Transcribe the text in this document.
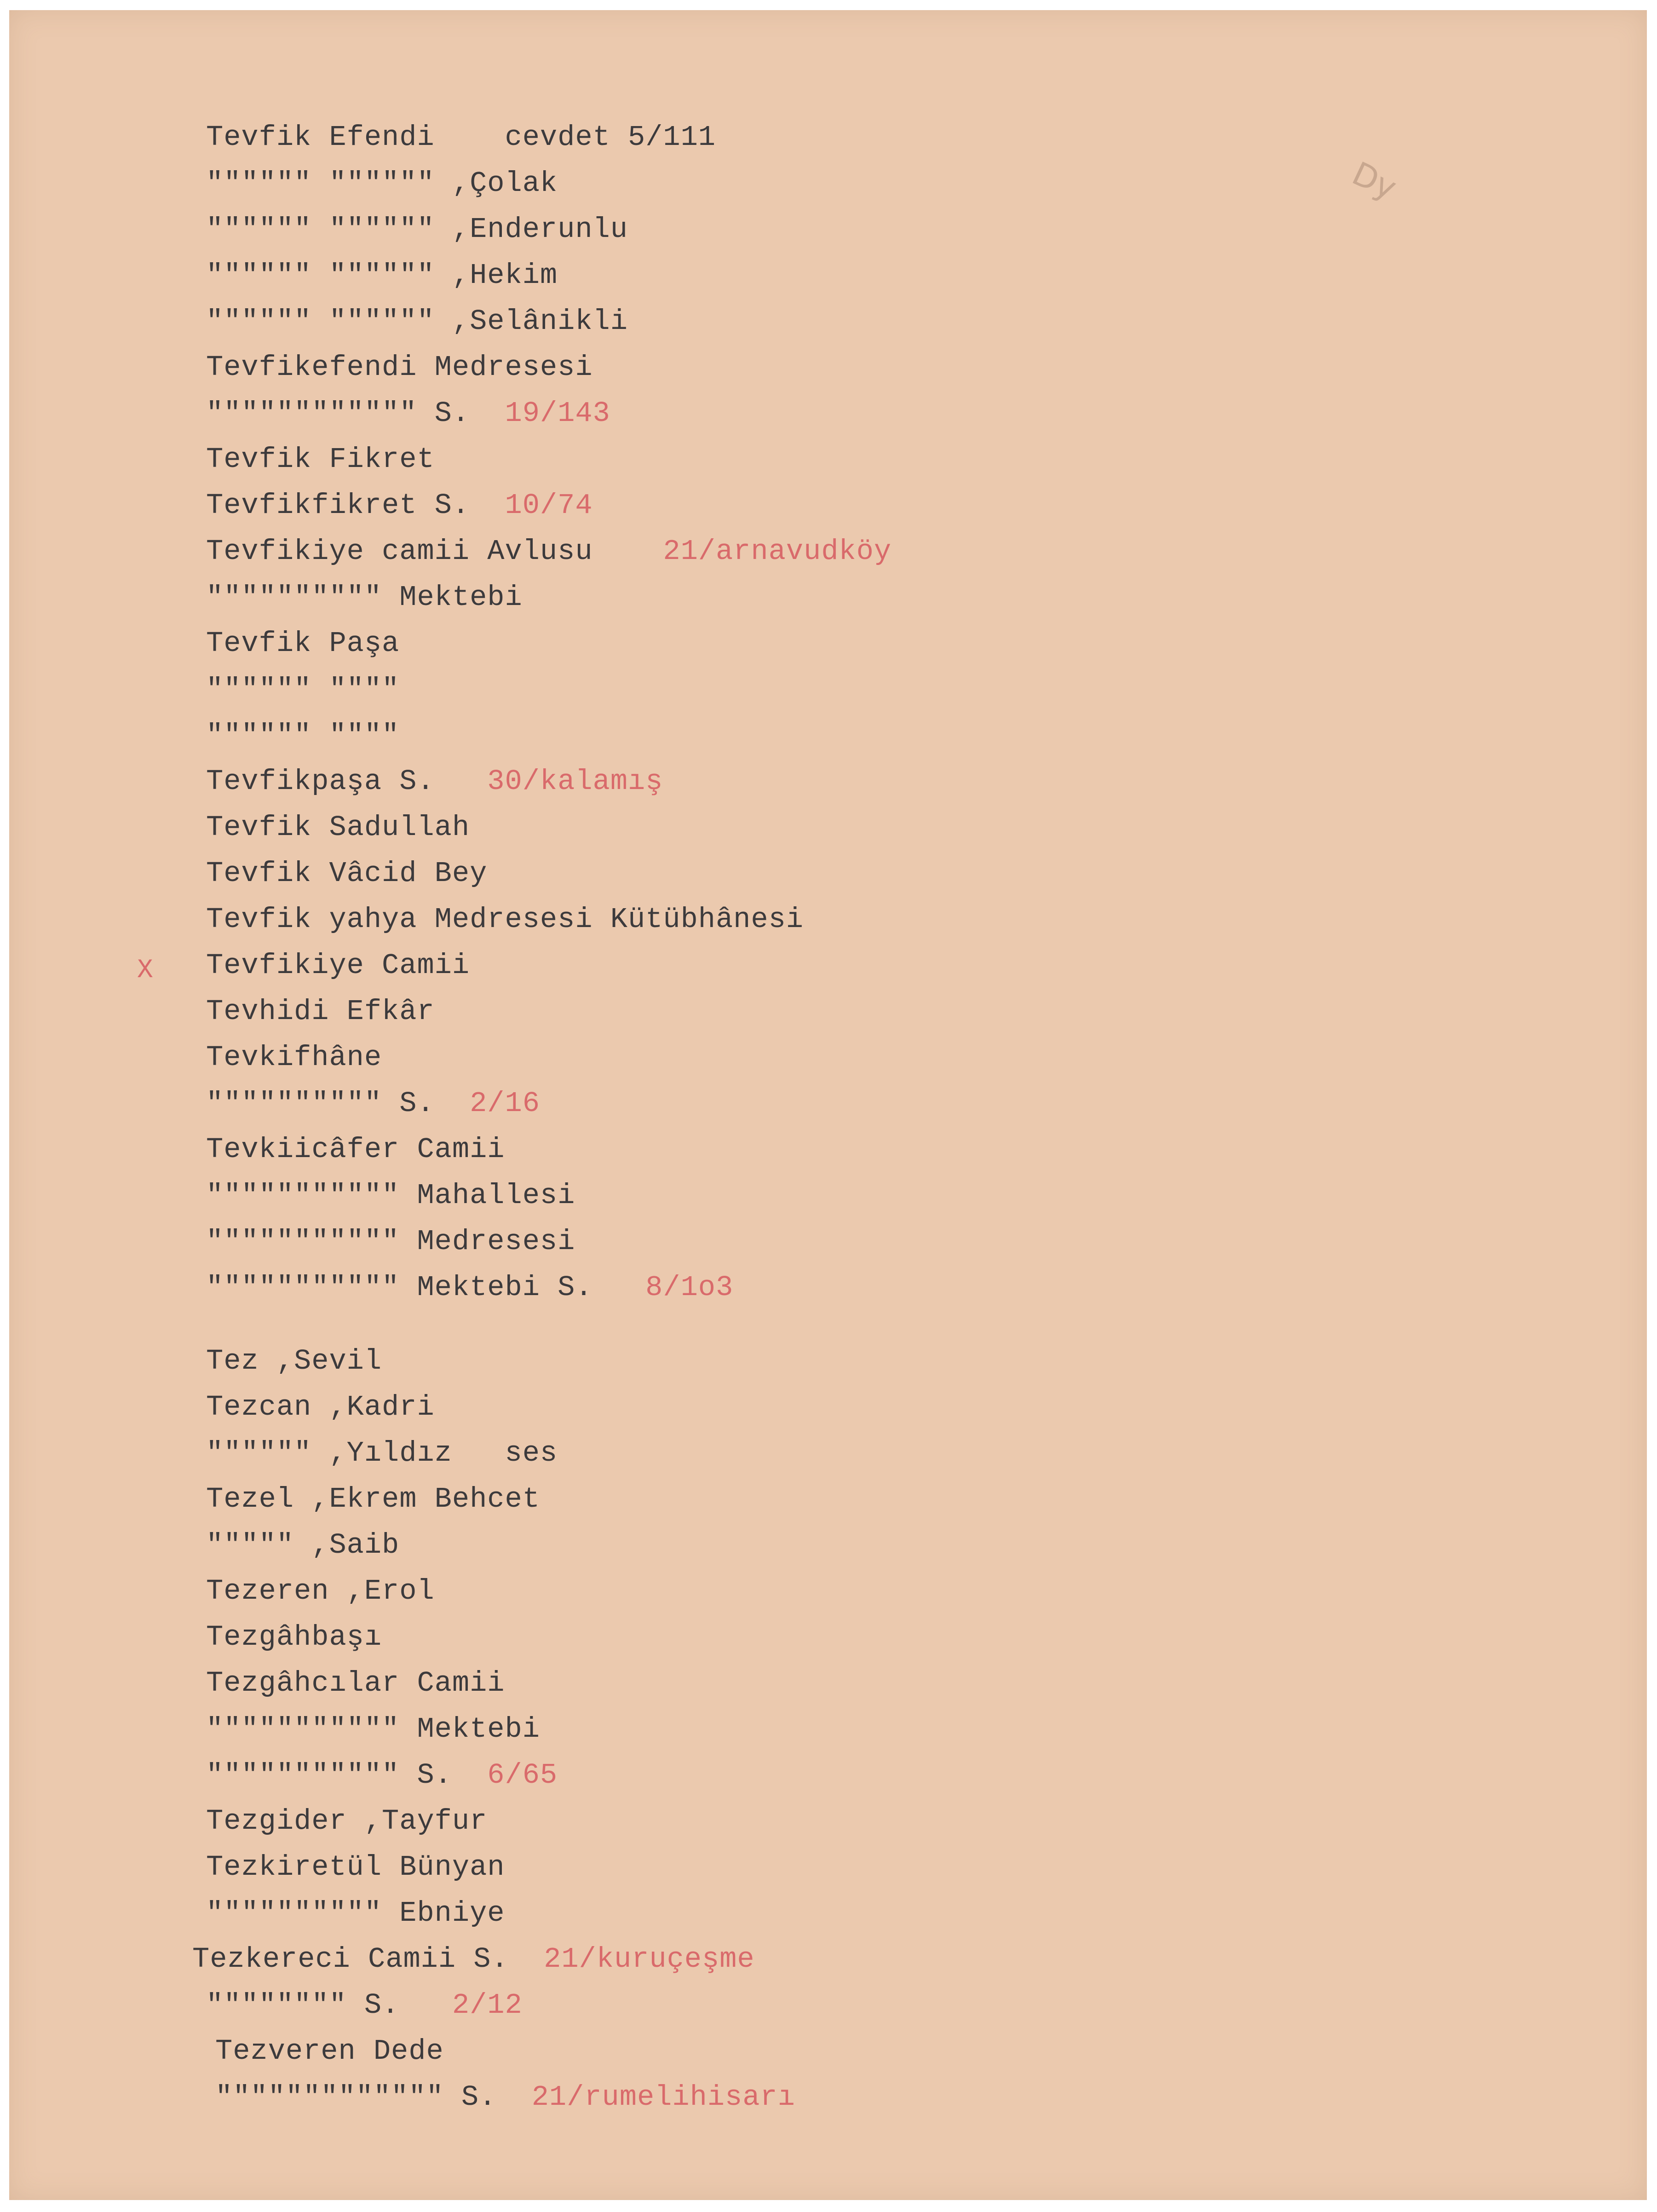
Dy
X
Tevfik Efendi    cevdet 5/111
"""""" """""" ,Çolak
"""""" """""" ,Enderunlu
"""""" """""" ,Hekim
"""""" """""" ,Selânikli
Tevfikefendi Medresesi
"""""""""""" S.  19/143
Tevfik Fikret
Tevfikfikret S.  10/74
Tevfikiye camii Avlusu    21/arnavudköy
"""""""""" Mektebi
Tevfik Paşa
"""""" """"
"""""" """"
Tevfikpaşa S.   30/kalamış
Tevfik Sadullah
Tevfik Vâcid Bey
Tevfik yahya Medresesi Kütübhânesi
Tevfikiye Camii
Tevhidi Efkâr
Tevkifhâne
"""""""""" S.  2/16
Tevkiicâfer Camii
""""""""""" Mahallesi
""""""""""" Medresesi
""""""""""" Mektebi S.   8/1o3
Tez ,Sevil
Tezcan ,Kadri
"""""" ,Yıldız   ses
Tezel ,Ekrem Behcet
""""" ,Saib
Tezeren ,Erol
Tezgâhbaşı
Tezgâhcılar Camii
""""""""""" Mektebi
""""""""""" S.  6/65
Tezgider ,Tayfur
Tezkiretül Bünyan
"""""""""" Ebniye
Tezkereci Camii S.  21/kuruçeşme
"""""""" S.   2/12
Tezveren Dede
""""""""""""" S.  21/rumelihisarı
